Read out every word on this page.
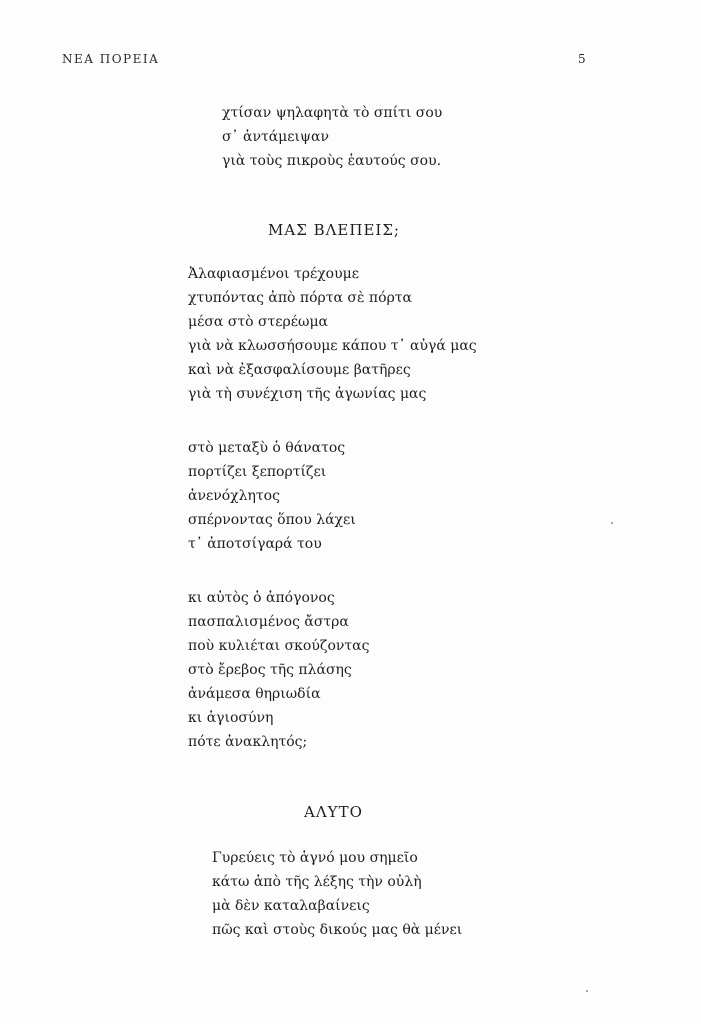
ΝΕΑ ΠΟΡΕΙΑ	5
χτίσαν ψηλαφητὰ τὸ σπίτι σου
σ᾽ ἀντάμειψαν
γιὰ τοὺς πικροὺς ἑαυτούς σου.
ΜΑΣ ΒΛΕΠΕΙΣ;
Ἀλαφιασμένοι τρέχουμε
χτυπόντας ἀπὸ πόρτα σὲ πόρτα
μέσα στὸ στερέωμα
γιὰ νὰ κλωσσήσουμε κάπου τ᾽ αὐγά μας
καὶ νὰ ἐξασφαλίσουμε βατῆρες
γιὰ τὴ συνέχιση τῆς ἀγωνίας μας
στὸ μεταξὺ ὁ θάνατος
πορτίζει ξεπορτίζει
ἀνενόχλητος
σπέρνοντας ὅπου λάχει
τ᾽ ἀποτσίγαρά του
κι αὐτὸς ὁ ἀπόγονος
πασπαλισμένος ἄστρα
ποὺ κυλιέται σκούζοντας
στὸ ἔρεβος τῆς πλάσης
ἀνάμεσα θηριωδία
κι ἁγιοσύνη
πότε ἀνακλητός;
ΑΛΥΤΟ
Γυρεύεις τὸ ἁγνό μου σημεῖο
κάτω ἀπὸ τῆς λέξης τὴν οὐλὴ
μὰ δὲν καταλαβαίνεις
πῶς καὶ στοὺς δικούς μας θὰ μένει
